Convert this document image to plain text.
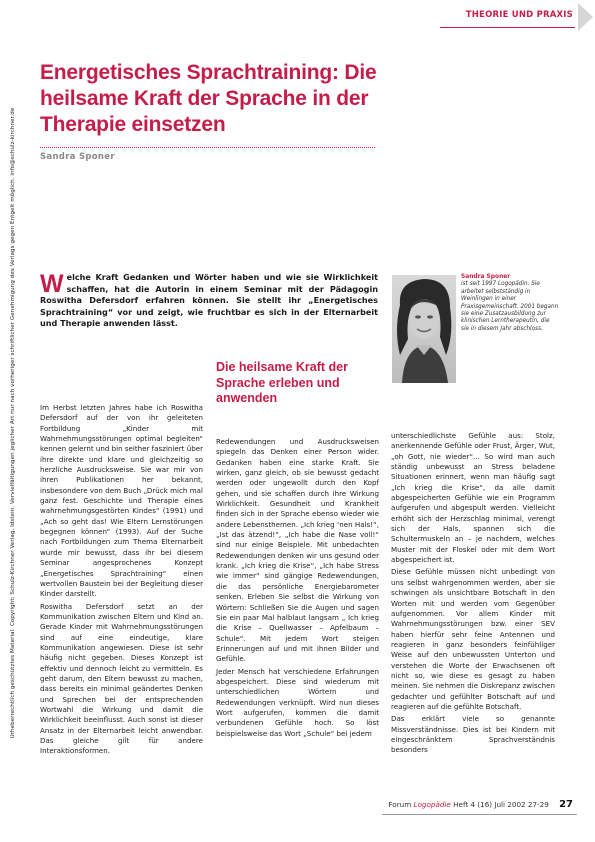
Urheberrechtlich geschütztes Material. Copyright: Schulz-Kirchner Verlag, Idstein. Vervielfältigungen jeglicher Art nur nach vorheriger schriftlicher Genehmigung des Verlags gegen Entgelt möglich. info@schulz-kirchner.de
THEORIE UND PRAXIS
Energetisches Sprachtraining: Die heilsame Kraft der Sprache in der Therapie einsetzen
Sandra Sponer

Welche Kraft Gedanken und Wörter haben und wie sie Wirklichkeit schaffen, hat die Autorin in einem Seminar mit der Pädagogin Roswitha Defersdorf erfahren können. Sie stellt ihr „Energetisches Sprachtraining“ vor und zeigt, wie fruchtbar es sich in der Elternarbeit und Therapie anwenden lässt.

Sandra Sponer
ist seit 1997 Logopädin. Sie arbeitet selbstständig in Weinlingen in einer Praxisgemeinschaft. 2001 begann sie eine Zusatzausbildung zur klinischen Lerntherapeutin, die sie in diesem Jahr abschloss.

Im Herbst letzten Jahres habe ich Roswitha Defersdorf auf der von ihr geleiteten Fortbildung „Kinder mit Wahrnehmungsstörungen optimal begleiten“ kennen gelernt und bin seither fasziniert über ihre direkte und klare und gleichzeitig so herzliche Ausdrucksweise. Sie war mir von ihren Publikationen her bekannt, insbesondere von dem Buch „Drück mich mal ganz fest. Geschichte und Therapie eines wahrnehmungsgestörten Kindes“ (1991) und „Ach so geht das! Wie Eltern Lernstörungen begegnen können“ (1993). Auf der Suche nach Fortbildungen zum Thema Elternarbeit wurde mir bewusst, dass ihr bei diesem Seminar angesprochenes Konzept „Energetisches Sprachtraining“ einen wertvollen Baustein bei der Begleitung dieser Kinder darstellt.

Roswitha Defersdorf setzt an der Kommunikation zwischen Eltern und Kind an. Gerade Kinder mit Wahrnehmungsstörungen sind auf eine eindeutige, klare Kommunikation angewiesen. Diese ist sehr häufig nicht gegeben. Dieses Konzept ist effektiv und dennoch leicht zu vermitteln. Es geht darum, den Eltern bewusst zu machen, dass bereits ein minimal geändertes Denken und Sprechen bei der entsprechenden Wortwahl die Wirkung und damit die Wirklichkeit beeinflusst. Auch sonst ist dieser Ansatz in der Elternarbeit leicht anwendbar. Das gleiche gilt für andere Interaktionsformen.

Die heilsame Kraft der Sprache erleben und anwenden

Redewendungen und Ausdrucksweisen spiegeln das Denken einer Person wider. Gedanken haben eine starke Kraft. Sie wirken, ganz gleich, ob sie bewusst gedacht werden oder ungewollt durch den Kopf gehen, und sie schaffen durch ihre Wirkung Wirklichkeit. Gesundheit und Krankheit finden sich in der Sprache ebenso wieder wie andere Lebensthemen. „Ich krieg ‘nen Hals!“, „Ist das ätzend!“, „Ich habe die Nase voll!“ sind nur einige Beispiele. Mit unbedachten Redewendungen denken wir uns gesund oder krank. „Ich krieg die Krise“, „Ich habe Stress wie immer“ sind gängige Redewendungen, die das persönliche Energiebarometer senken. Erleben Sie selbst die Wirkung von Wörtern: Schließen Sie die Augen und sagen Sie ein paar Mal halblaut langsam „ Ich krieg die Krise – Quellwasser – Apfelbaum – Schule“. Mit jedem Wort steigen Erinnerungen auf und mit ihnen Bilder und Gefühle.

Jeder Mensch hat verschiedene Erfahrungen abgespeichert. Diese sind wiederum mit unterschiedlichen Wörtern und Redewendungen verknüpft. Wird nun dieses Wort aufgerufen, kommen die damit verbundenen Gefühle hoch. So löst beispielsweise das Wort „Schule“ bei jedem

unterschiedlichste Gefühle aus: Stolz, anerkennende Gefühle oder Frust, Ärger, Wut, „oh Gott, nie wieder“... So wird man auch ständig unbewusst an Stress beladene Situationen erinnert, wenn man häufig sagt „Ich krieg die Krise“, da alle damit abgespeicherten Gefühle wie ein Programm aufgerufen und abgespult werden. Vielleicht erhöht sich der Herzschlag minimal, verengt sich der Hals, spannen sich die Schultermuskeln an – je nachdem, welches Muster mit der Floskel oder mit dem Wort abgespeichert ist.

Diese Gefühle müssen nicht unbedingt von uns selbst wahrgenommen werden, aber sie schwingen als unsichtbare Botschaft in den Worten mit und werden vom Gegenüber aufgenommen. Vor allem Kinder mit Wahrnehmungsstörungen bzw. einer SEV haben hierfür sehr feine Antennen und reagieren in ganz besonders feinfühliger Weise auf den unbewussten Unterton und verstehen die Worte der Erwachsenen oft nicht so, wie diese es gesagt zu haben meinen. Sie nehmen die Diskrepanz zwischen gedachter und gefühlter Botschaft auf und reagieren auf die gefühlte Botschaft.

Das erklärt viele so genannte Missverständnisse. Dies ist bei Kindern mit eingeschränktem Sprachverständnis besonders

Forum Logopädie Heft 4 (16) Juli 2002 27-29 27
